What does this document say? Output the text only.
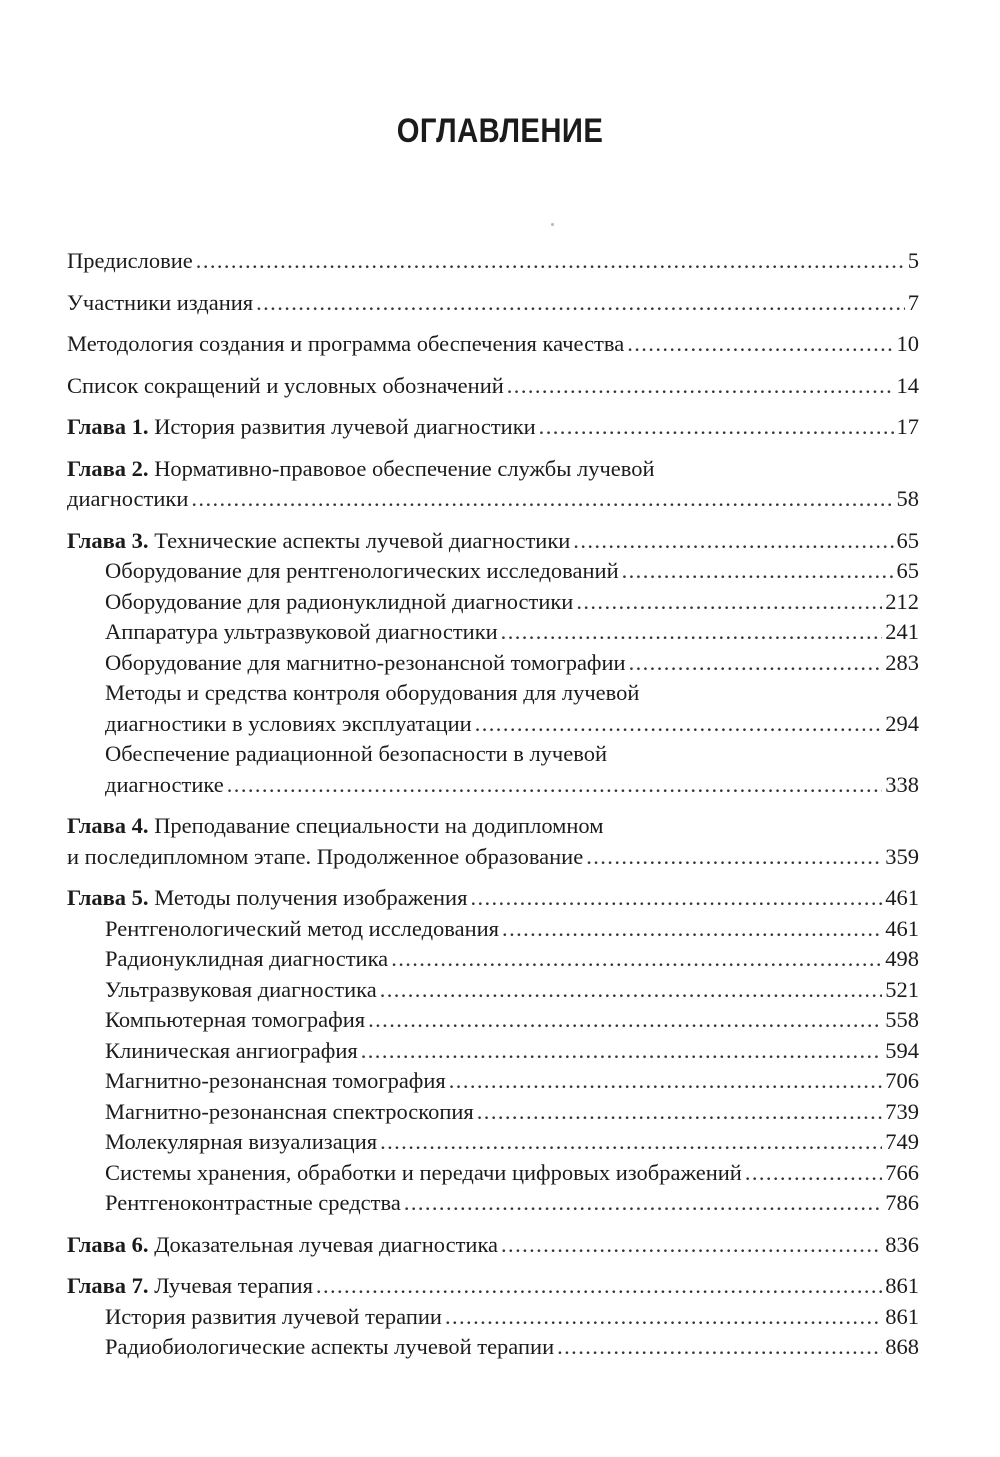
ОГЛАВЛЕНИЕ
Предисловие .....	5
Участники издания .....	7
Методология создания и программа обеспечения качества .....	10
Список сокращений и условных обозначений .....	14
Глава 1. История развития лучевой диагностики .....	17
Глава 2. Нормативно-правовое обеспечение службы лучевой
диагностики .....	58
Глава 3. Технические аспекты лучевой диагностики .....	65
Оборудование для рентгенологических исследований .....	65
Оборудование для радионуклидной диагностики .....	212
Аппаратура ультразвуковой диагностики .....	241
Оборудование для магнитно-резонансной томографии .....	283
Методы и средства контроля оборудования для лучевой
диагностики в условиях эксплуатации .....	294
Обеспечение радиационной безопасности в лучевой
диагностике .....	338
Глава 4. Преподавание специальности на додипломном
и последипломном этапе. Продолженное образование .....	359
Глава 5. Методы получения изображения .....	461
Рентгенологический метод исследования .....	461
Радионуклидная диагностика .....	498
Ультразвуковая диагностика .....	521
Компьютерная томография .....	558
Клиническая ангиография .....	594
Магнитно-резонансная томография .....	706
Магнитно-резонансная спектроскопия .....	739
Молекулярная визуализация .....	749
Системы хранения, обработки и передачи цифровых изображений .....	766
Рентгеноконтрастные средства .....	786
Глава 6. Доказательная лучевая диагностика .....	836
Глава 7. Лучевая терапия .....	861
История развития лучевой терапии .....	861
Радиобиологические аспекты лучевой терапии .....	868
